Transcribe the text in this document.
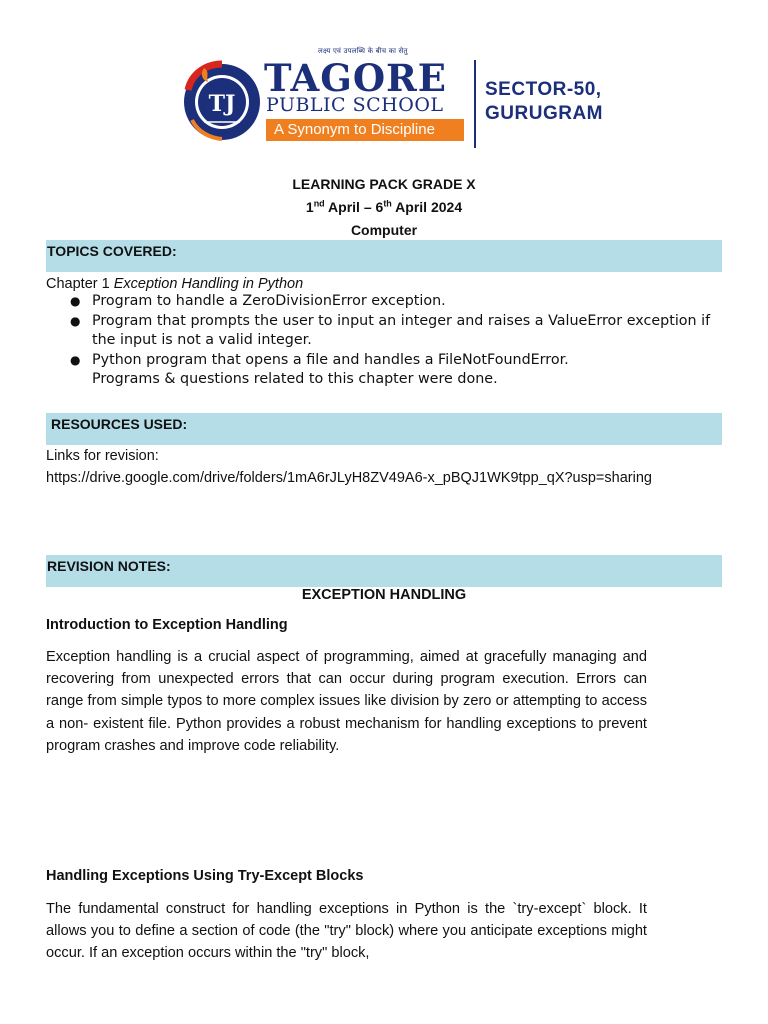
TJ
लक्ष्य एवं उपलब्धि के बीच का सेतु
TAGORE
PUBLIC SCHOOL
A Synonym to Discipline
SECTOR-50,
GURUGRAM
LEARNING PACK GRADE X
1nd April – 6th April 2024
Computer
TOPICS COVERED:
Chapter 1 Exception Handling in Python
● Program to handle a ZeroDivisionError exception.
● Program that prompts the user to input an integer and raises a ValueError exception if the input is not a valid integer.
● Python program that opens a file and handles a FileNotFoundError.
Programs & questions related to this chapter were done.
RESOURCES USED:
Links for revision:
https://drive.google.com/drive/folders/1mA6rJLyH8ZV49A6-x_pBQJ1WK9tpp_qX?usp=sharing
REVISION NOTES:
EXCEPTION HANDLING
Introduction to Exception Handling
Exception handling is a crucial aspect of programming, aimed at gracefully managing and recovering from unexpected errors that can occur during program execution. Errors can range from simple typos to more complex issues like division by zero or attempting to access a non- existent file. Python provides a robust mechanism for handling exceptions to prevent program crashes and improve code reliability.
Handling Exceptions Using Try-Except Blocks
The fundamental construct for handling exceptions in Python is the `try-except` block. It allows you to define a section of code (the "try" block) where you anticipate exceptions might occur. If an exception occurs within the "try" block,
